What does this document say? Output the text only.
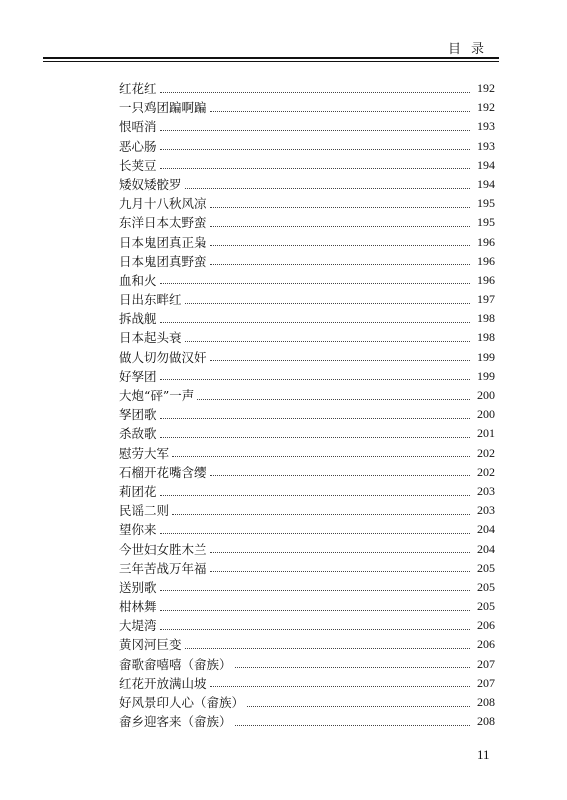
目录
红花红	192
一只鸡团蹁啊蹁	192
恨唔消	193
恶心肠	193
长荚豆	194
矮奴矮骹罗	194
九月十八秋风凉	195
东洋日本太野蛮	195
日本鬼团真正枭	196
日本鬼团真野蛮	196
血和火	196
日出东畔红	197
拆战舰	198
日本起头衰	198
做人切勿做汉奸	199
好孥团	199
大炮“砰”一声	200
孥团歌	200
杀敌歌	201
慰劳大军	202
石榴开花嘴含缨	202
莉团花	203
民谣二则	203
望你来	204
今世妇女胜木兰	204
三年苦战万年福	205
送别歌	205
柑林舞	205
大堤湾	206
黄冈河巨变	206
畲歌畲嘻嘻（畲族）	207
红花开放满山坡	207
好风景印人心（畲族）	208
畲乡迎客来（畲族）	208
11
